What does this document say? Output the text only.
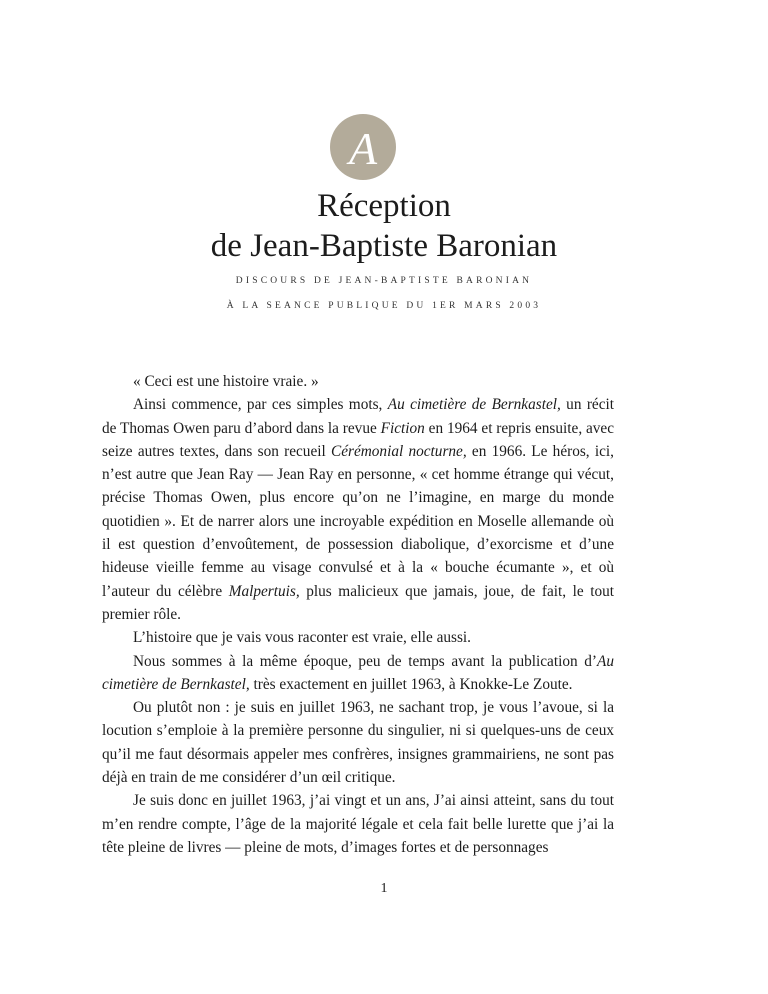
A
Réception
de Jean-Baptiste Baronian
DISCOURS DE JEAN-BAPTISTE BARONIAN
À LA SEANCE PUBLIQUE DU 1ER MARS 2003

« Ceci est une histoire vraie. »

Ainsi commence, par ces simples mots, Au cimetière de Bernkastel, un récit de Thomas Owen paru d’abord dans la revue Fiction en 1964 et repris ensuite, avec seize autres textes, dans son recueil Cérémonial nocturne, en 1966. Le héros, ici, n’est autre que Jean Ray — Jean Ray en personne, « cet homme étrange qui vécut, précise Thomas Owen, plus encore qu’on ne l’imagine, en marge du monde quotidien ». Et de narrer alors une incroyable expédition en Moselle allemande où il est question d’envoûtement, de possession diabolique, d’exorcisme et d’une hideuse vieille femme au visage convulsé et à la « bouche écumante », et où l’auteur du célèbre Malpertuis, plus malicieux que jamais, joue, de fait, le tout premier rôle.

L’histoire que je vais vous raconter est vraie, elle aussi.

Nous sommes à la même époque, peu de temps avant la publication d’Au cimetière de Bernkastel, très exactement en juillet 1963, à Knokke-Le Zoute.

Ou plutôt non : je suis en juillet 1963, ne sachant trop, je vous l’avoue, si la locution s’emploie à la première personne du singulier, ni si quelques-uns de ceux qu’il me faut désormais appeler mes confrères, insignes grammairiens, ne sont pas déjà en train de me considérer d’un œil critique.

Je suis donc en juillet 1963, j’ai vingt et un ans, J’ai ainsi atteint, sans du tout m’en rendre compte, l’âge de la majorité légale et cela fait belle lurette que j’ai la tête pleine de livres — pleine de mots, d’images fortes et de personnages

1
